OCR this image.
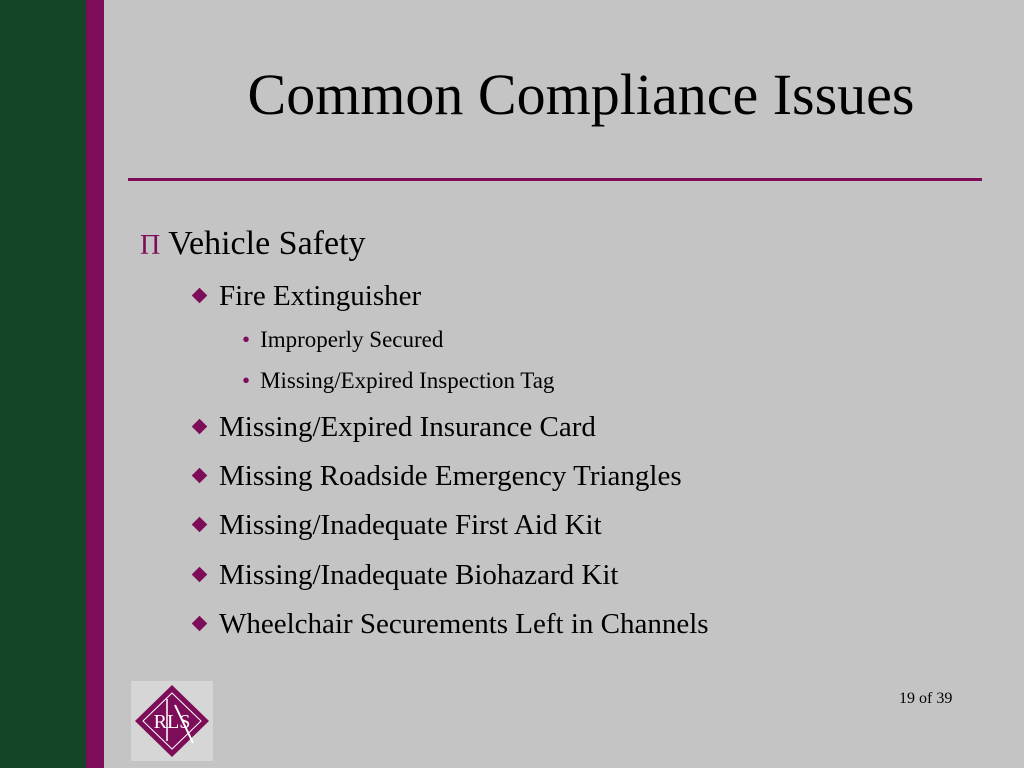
Common Compliance Issues
Π Vehicle Safety
Fire Extinguisher
• Improperly Secured
• Missing/Expired Inspection Tag
Missing/Expired Insurance Card
Missing Roadside Emergency Triangles
Missing/Inadequate First Aid Kit
Missing/Inadequate Biohazard Kit
Wheelchair Securements Left in Channels
RLS
19 of 39
